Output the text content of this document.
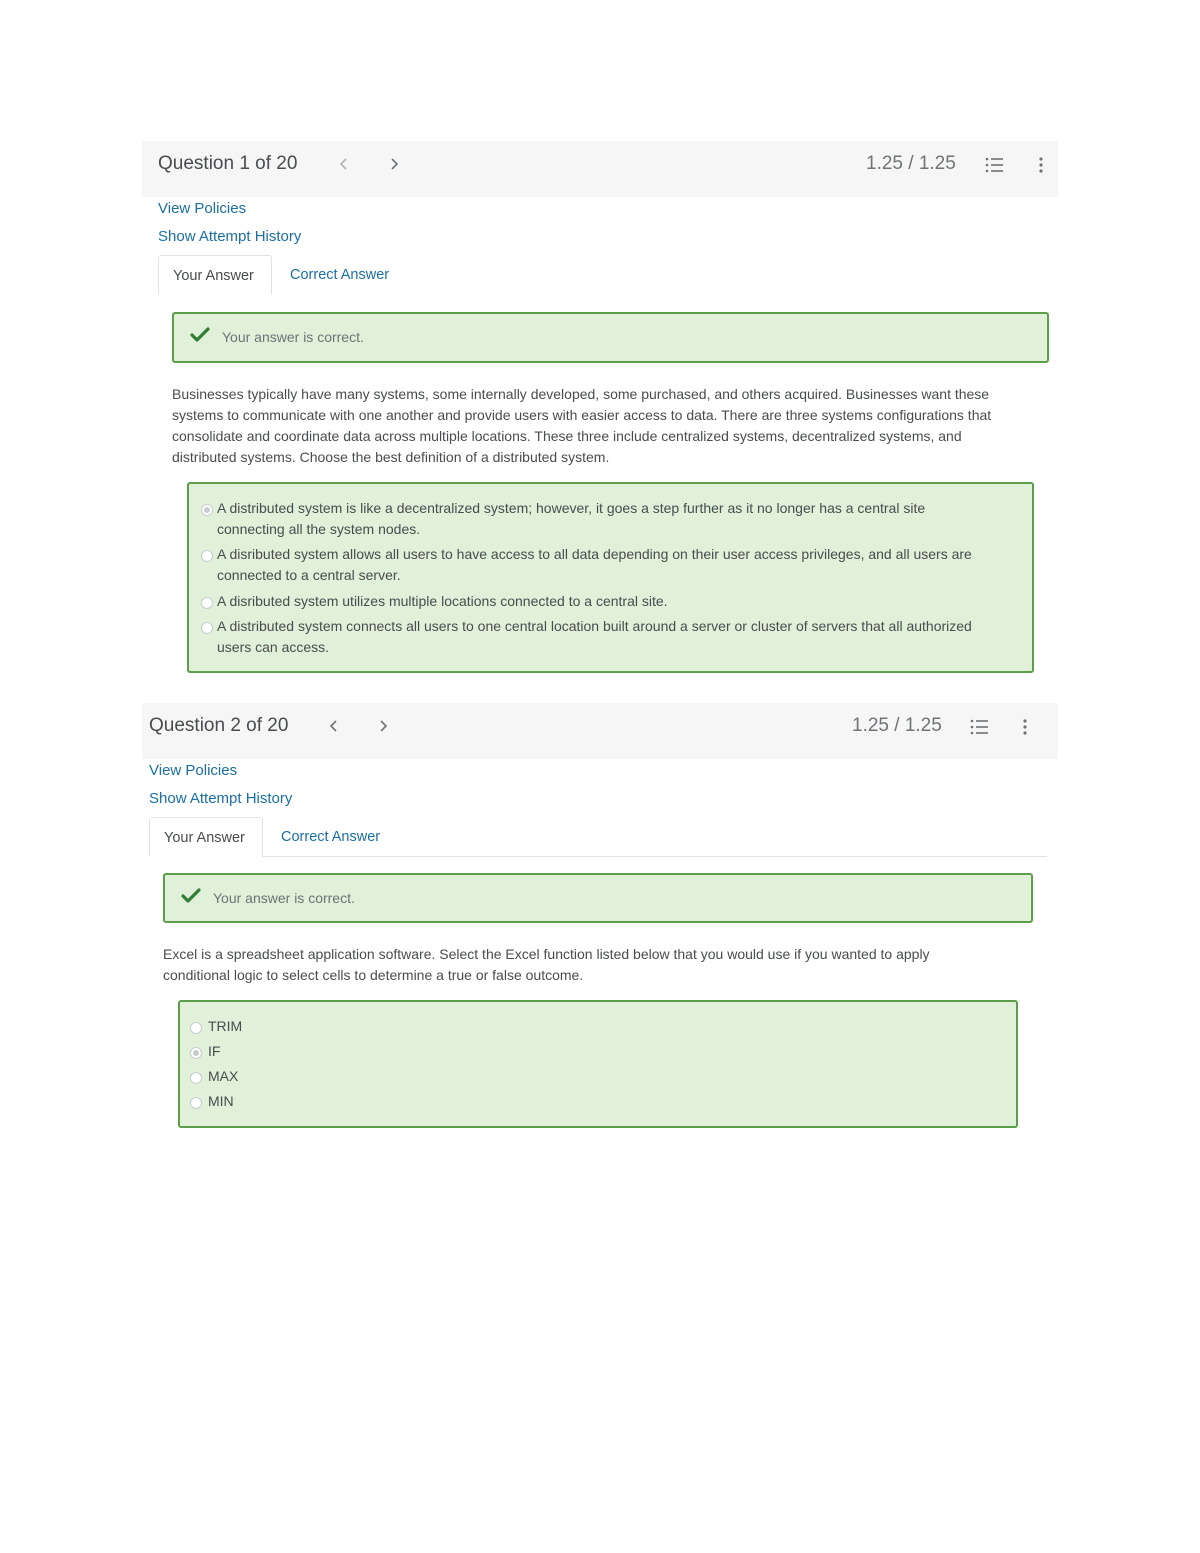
Question 1 of 20	1.25 / 1.25
View Policies
Show Attempt History
Your Answer	Correct Answer
Your answer is correct.
Businesses typically have many systems, some internally developed, some purchased, and others acquired. Businesses want these
systems to communicate with one another and provide users with easier access to data. There are three systems configurations that
consolidate and coordinate data across multiple locations. These three include centralized systems, decentralized systems, and
distributed systems. Choose the best definition of a distributed system.
A distributed system is like a decentralized system; however, it goes a step further as it no longer has a central site
connecting all the system nodes.
A disributed system allows all users to have access to all data depending on their user access privileges, and all users are
connected to a central server.
A disributed system utilizes multiple locations connected to a central site.
A distributed system connects all users to one central location built around a server or cluster of servers that all authorized
users can access.
Question 2 of 20	1.25 / 1.25
View Policies
Show Attempt History
Your Answer	Correct Answer
Your answer is correct.
Excel is a spreadsheet application software. Select the Excel function listed below that you would use if you wanted to apply
conditional logic to select cells to determine a true or false outcome.
TRIM
IF
MAX
MIN
